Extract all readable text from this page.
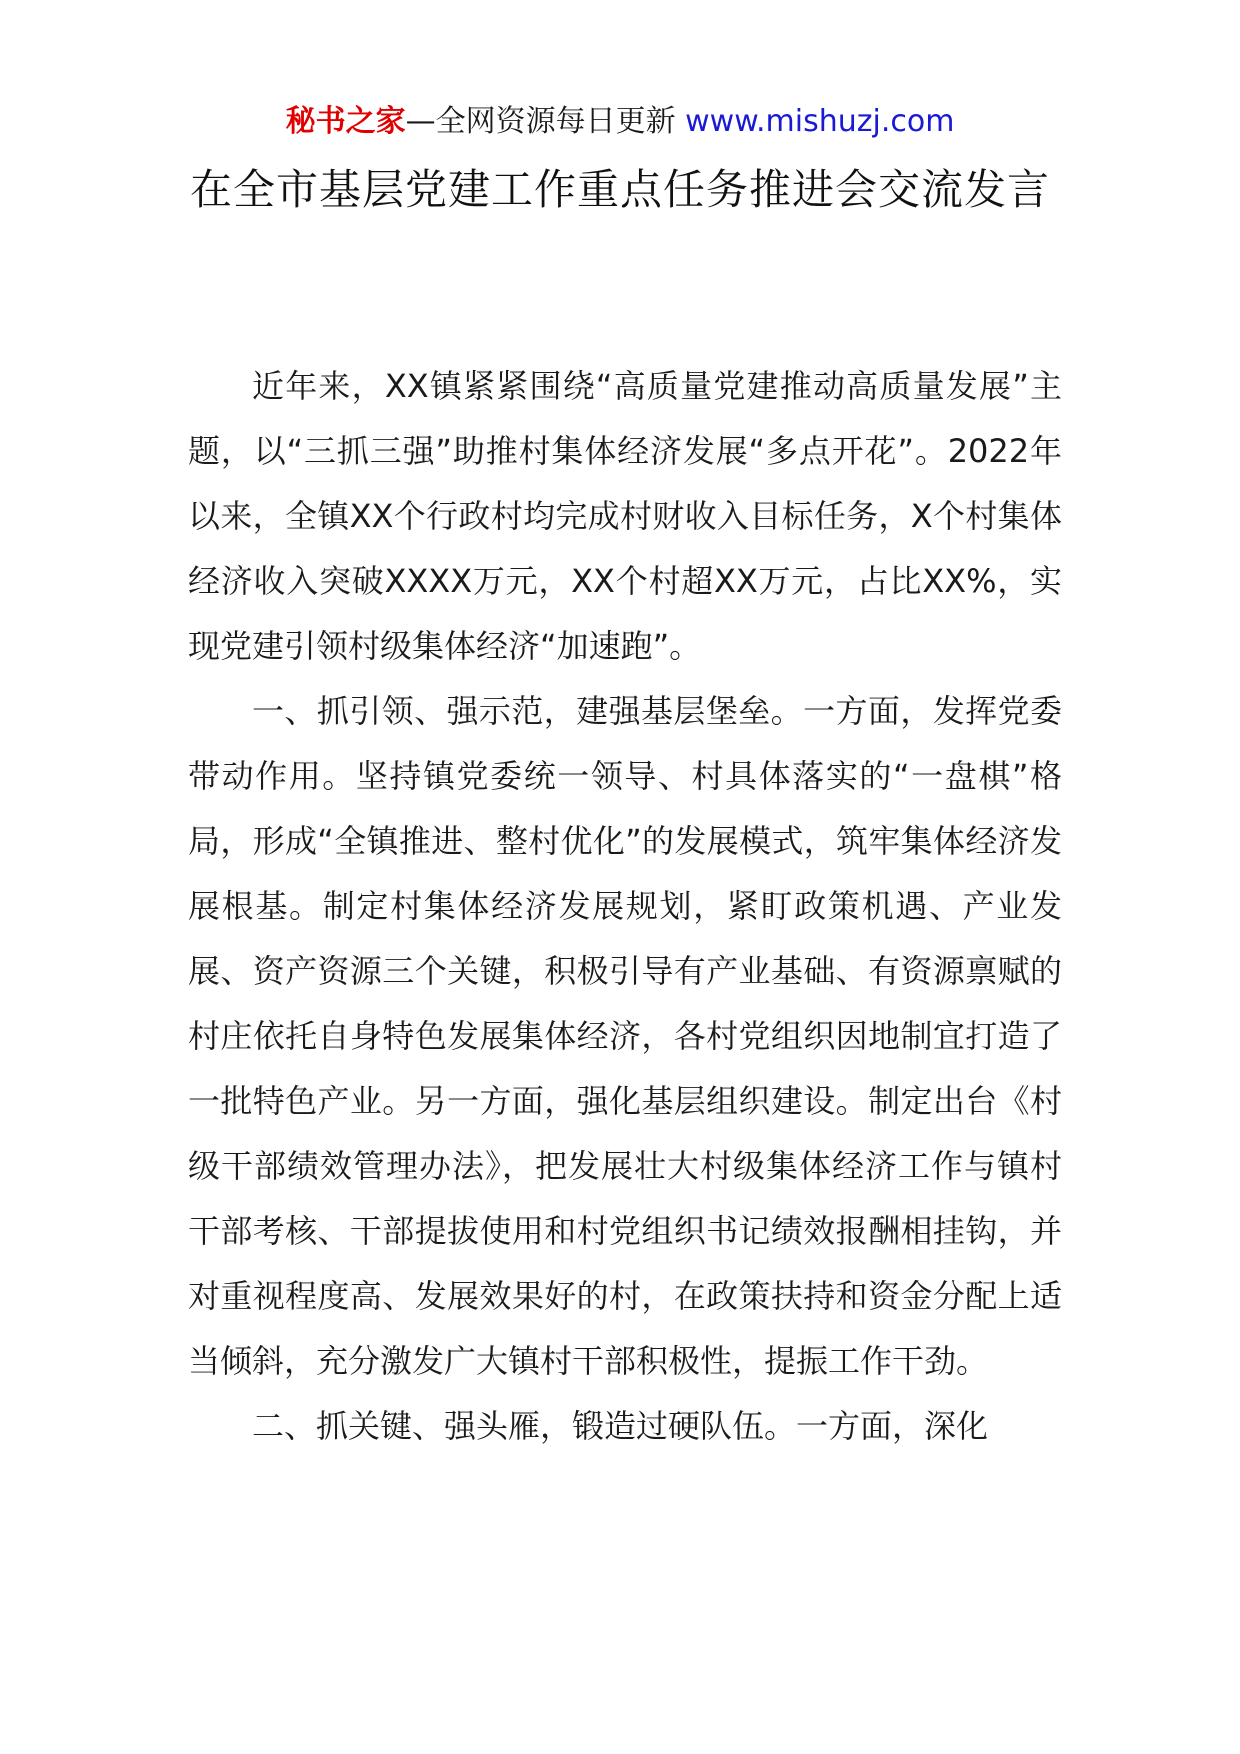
秘书之家—全网资源每日更新 www.mishuzj.com
在全市基层党建工作重点任务推进会交流发言

近年来，XX镇紧紧围绕“高质量党建推动高质量发展”主题，以“三抓三强”助推村集体经济发展“多点开花”。2022年以来，全镇XX个行政村均完成村财收入目标任务，X个村集体经济收入突破XXXX万元，XX个村超XX万元，占比XX%，实现党建引领村级集体经济“加速跑”。

一、抓引领、强示范，建强基层堡垒。一方面，发挥党委带动作用。坚持镇党委统一领导、村具体落实的“一盘棋”格局，形成“全镇推进、整村优化”的发展模式，筑牢集体经济发展根基。制定村集体经济发展规划，紧盯政策机遇、产业发展、资产资源三个关键，积极引导有产业基础、有资源禀赋的村庄依托自身特色发展集体经济，各村党组织因地制宜打造了一批特色产业。另一方面，强化基层组织建设。制定出台《村级干部绩效管理办法》，把发展壮大村级集体经济工作与镇村干部考核、干部提拔使用和村党组织书记绩效报酬相挂钩，并对重视程度高、发展效果好的村，在政策扶持和资金分配上适当倾斜，充分激发广大镇村干部积极性，提振工作干劲。

二、抓关键、强头雁，锻造过硬队伍。一方面，深化
